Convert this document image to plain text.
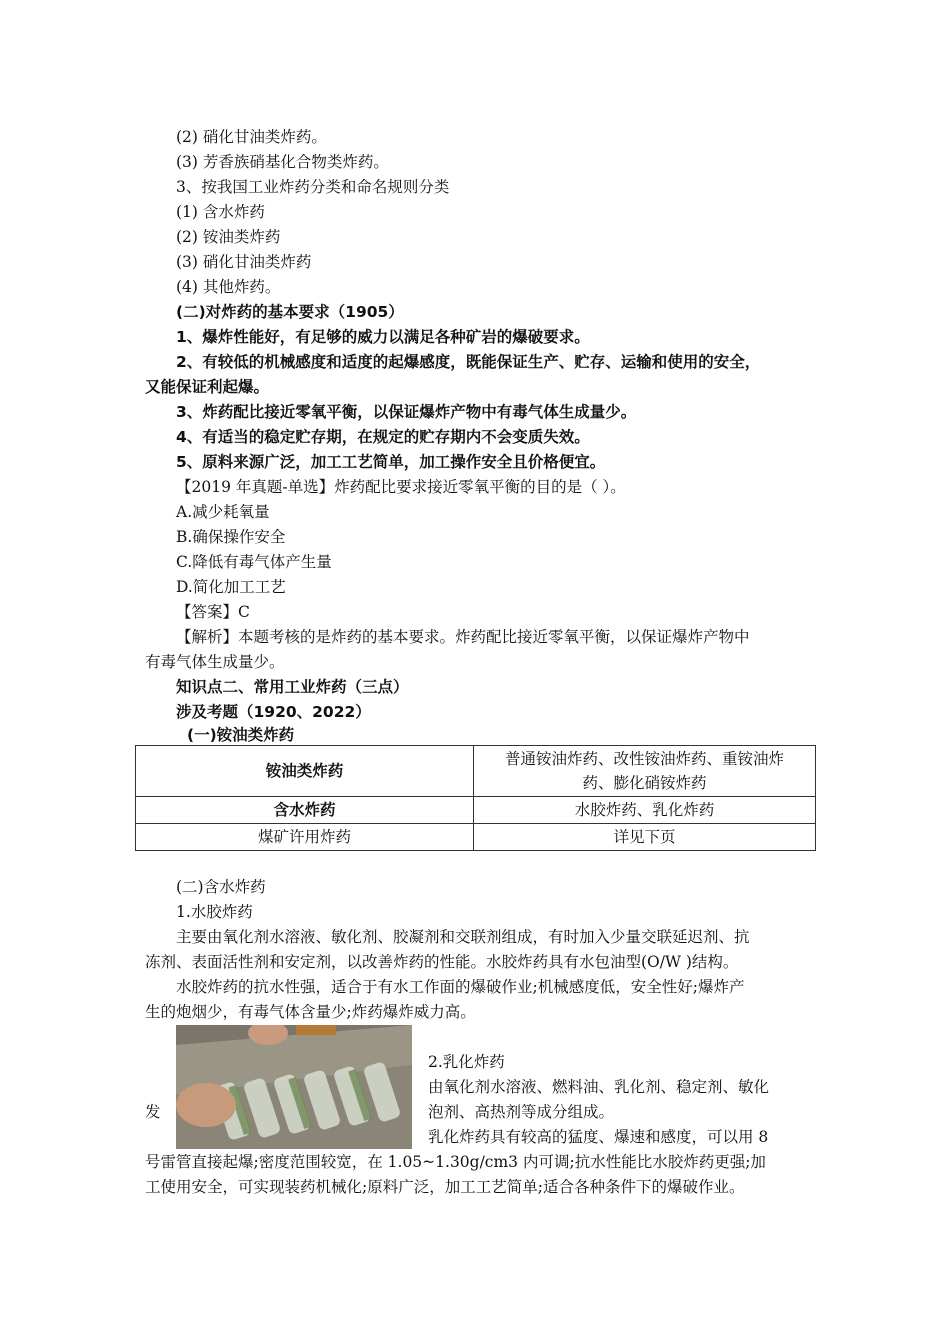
(2) 硝化甘油类炸药。
(3) 芳香族硝基化合物类炸药。
3、按我国工业炸药分类和命名规则分类
(1) 含水炸药
(2) 铵油类炸药
(3) 硝化甘油类炸药
(4) 其他炸药。
(二)对炸药的基本要求（1905）
1、爆炸性能好，有足够的威力以满足各种矿岩的爆破要求。
2、有较低的机械感度和适度的起爆感度，既能保证生产、贮存、运输和使用的安全，
又能保证利起爆。
3、炸药配比接近零氧平衡，以保证爆炸产物中有毒气体生成量少。
4、有适当的稳定贮存期，在规定的贮存期内不会变质失效。
5、原料来源广泛，加工工艺简单，加工操作安全且价格便宜。
【2019 年真题-单选】炸药配比要求接近零氧平衡的目的是（ ）。
A.减少耗氧量
B.确保操作安全
C.降低有毒气体产生量
D.简化加工工艺
【答案】C
【解析】本题考核的是炸药的基本要求。炸药配比接近零氧平衡，以保证爆炸产物中
有毒气体生成量少。
知识点二、常用工业炸药（三点）
涉及考题（1920、2022）
(一)铵油类炸药
铵油类炸药	普通铵油炸药、改性铵油炸药、重铵油炸
药、膨化硝铵炸药
含水炸药	水胶炸药、乳化炸药
煤矿许用炸药	详见下页
(二)含水炸药
1.水胶炸药
主要由氧化剂水溶液、敏化剂、胶凝剂和交联剂组成，有时加入少量交联延迟剂、抗
冻剂、表面活性剂和安定剂，以改善炸药的性能。水胶炸药具有水包油型(O/W )结构。
水胶炸药的抗水性强，适合于有水工作面的爆破作业;机械感度低，安全性好;爆炸产
生的炮烟少，有毒气体含量少;炸药爆炸威力高。
发
2.乳化炸药
由氧化剂水溶液、燃料油、乳化剂、稳定剂、敏化
泡剂、高热剂等成分组成。
乳化炸药具有较高的猛度、爆速和感度，可以用 8
号雷管直接起爆;密度范围较宽，在 1.05~1.30g/cm3 内可调;抗水性能比水胶炸药更强;加
工使用安全，可实现装药机械化;原料广泛，加工工艺简单;适合各种条件下的爆破作业。
